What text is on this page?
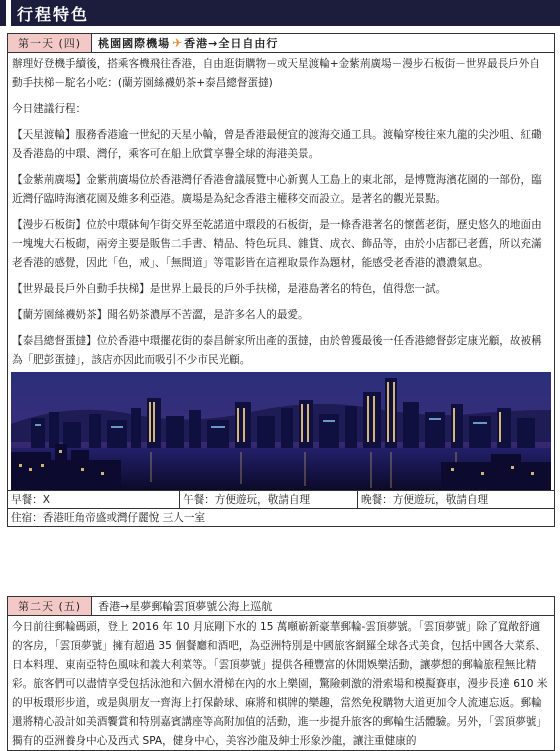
行程特色
第一天 (四)	桃園國際機場 ✈ 香港→全日自由行

辦理好登機手續後，搭乘客機飛往香港，自由逛街購物－或天星渡輪+金紫荊廣場－漫步石板街－世界最長戶外自動手扶梯－駝名小吃：(蘭芳園絲襪奶茶+泰昌總督蛋撻)

今日建議行程：

【天星渡輪】服務香港逾一世紀的天星小輪，曾是香港最便宜的渡海交通工具。渡輪穿梭往來九龍的尖沙咀、紅磡及香港島的中環、灣仔，乘客可在船上欣賞享譽全球的海港美景。

【金紫荊廣場】金紫荊廣場位於香港灣仔香港會議展覽中心新翼人工島上的東北部，是博覽海濱花園的一部份，臨近灣仔臨時海濱花園及維多利亞港。廣場是為紀念香港主權移交而設立。是著名的觀光景點。

【漫步石板街】位於中環砵甸乍街交界至乾諾道中環段的石板街，是一條香港著名的懷舊老街，歷史悠久的地面由一塊塊大石板砌，兩旁主要是販售二手書、精品、特色玩具、雜貨、成衣、飾品等，由於小店都已老舊，所以充滿老香港的感覺，因此「色，戒」、「無間道」等電影皆在這裡取景作為題材，能感受老香港的濃濃氣息。

【世界最長戶外自動手扶梯】是世界上最長的戶外手扶梯，是港島著名的特色，值得您一試。

【蘭芳園絲襪奶茶】聞名奶茶濃厚不苦澀，是許多名人的最愛。

【泰昌總督蛋撻】位於香港中環擺花街的泰昌餅家所出產的蛋撻，由於曾獲最後一任香港總督彭定康光顧，故被稱為「肥彭蛋撻」，該店亦因此而吸引不少市民光顧。

早餐：X	午餐：方便遊玩，敬請自理	晚餐：方便遊玩，敬請自理
住宿：香港旺角帝盛或灣仔麗悅 三人一室
第二天 (五)	香港→星夢郵輪雲頂夢號公海上巡航

今日前往郵輪碼頭，登上 2016 年 10 月底剛下水的 15 萬噸嶄新豪華郵輪-雲頂夢號。「雲頂夢號」除了寬敞舒適的客房，「雲頂夢號」擁有超過 35 個餐廳和酒吧，為亞洲特別是中國旅客網羅全球各式美食，包括中國各大菜系、日本料理、東南亞特色風味和義大利菜等。「雲頂夢號」提供各種豐富的休閒娛樂活動，讓夢想的郵輪旅程無比精彩。旅客們可以盡情享受包括泳池和六個水滑梯在內的水上樂園，驚險刺激的滑索場和模擬賽車，漫步長達 610 米的甲板環形步道，或是與朋友一齊海上打保齡球、麻將和棋牌的樂趣，當然免稅購物大道更加令人流連忘返。郵輪還將精心設計如美酒饗賞和特別嘉賓講座等高附加值的活動，進一步提升旅客的郵輪生活體驗。另外，「雲頂夢號」獨有的亞洲養身中心及西式 SPA，健身中心，美容沙龍及紳士形象沙龍，讓注重健康的
